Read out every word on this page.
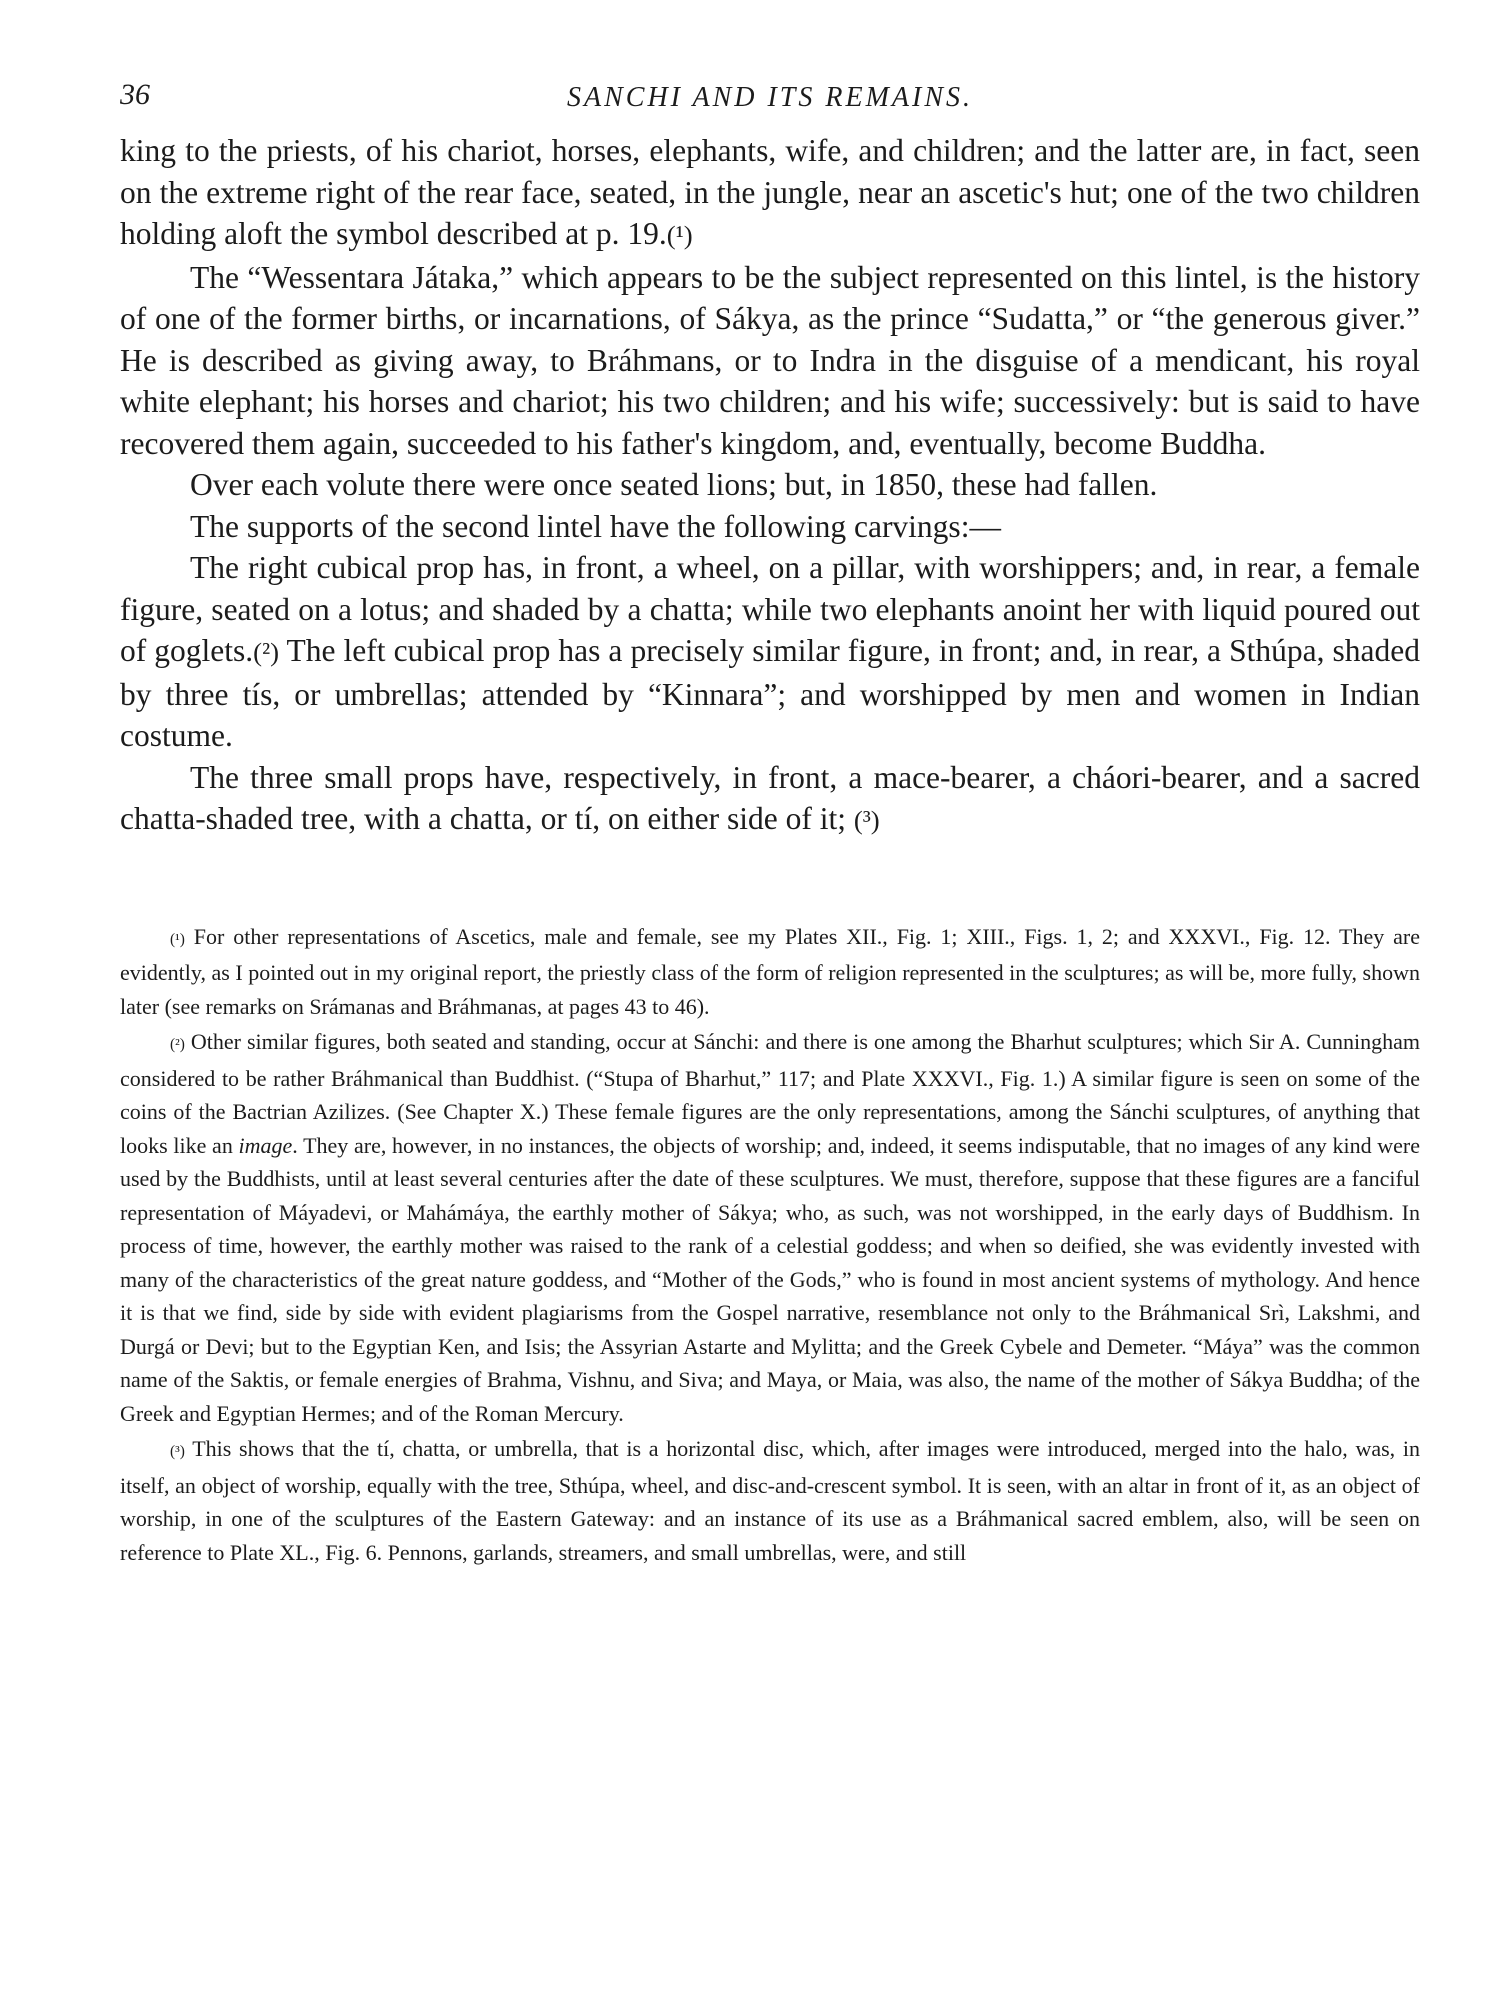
36	SANCHI AND ITS REMAINS.

king to the priests, of his chariot, horses, elephants, wife, and children; and the latter are, in fact, seen on the extreme right of the rear face, seated, in the jungle, near an ascetic's hut; one of the two children holding aloft the symbol described at p. 19.(¹)

The “Wessentara Játaka,” which appears to be the subject represented on this lintel, is the history of one of the former births, or incarnations, of Sákya, as the prince “Sudatta,” or “the generous giver.” He is described as giving away, to Bráhmans, or to Indra in the disguise of a mendicant, his royal white elephant; his horses and chariot; his two children; and his wife; successively: but is said to have recovered them again, succeeded to his father's kingdom, and, eventually, become Buddha.

Over each volute there were once seated lions; but, in 1850, these had fallen.

The supports of the second lintel have the following carvings:—

The right cubical prop has, in front, a wheel, on a pillar, with worshippers; and, in rear, a female figure, seated on a lotus; and shaded by a chatta; while two elephants anoint her with liquid poured out of goglets.(²) The left cubical prop has a precisely similar figure, in front; and, in rear, a Sthúpa, shaded by three tís, or umbrellas; attended by “Kinnara”; and worshipped by men and women in Indian costume.

The three small props have, respectively, in front, a mace-bearer, a cháori-bearer, and a sacred chatta-shaded tree, with a chatta, or tí, on either side of it; (³)

(¹) For other representations of Ascetics, male and female, see my Plates XII., Fig. 1; XIII., Figs. 1, 2; and XXXVI., Fig. 12. They are evidently, as I pointed out in my original report, the priestly class of the form of religion represented in the sculptures; as will be, more fully, shown later (see remarks on Srámanas and Bráhmanas, at pages 43 to 46).

(²) Other similar figures, both seated and standing, occur at Sánchi: and there is one among the Bharhut sculptures; which Sir A. Cunningham considered to be rather Bráhmanical than Buddhist. (“Stupa of Bharhut,” 117; and Plate XXXVI., Fig. 1.) A similar figure is seen on some of the coins of the Bactrian Azilizes. (See Chapter X.) These female figures are the only representations, among the Sánchi sculptures, of anything that looks like an image. They are, however, in no instances, the objects of worship; and, indeed, it seems indisputable, that no images of any kind were used by the Buddhists, until at least several centuries after the date of these sculptures. We must, therefore, suppose that these figures are a fanciful representation of Máyadevi, or Mahámáya, the earthly mother of Sákya; who, as such, was not worshipped, in the early days of Buddhism. In process of time, however, the earthly mother was raised to the rank of a celestial goddess; and when so deified, she was evidently invested with many of the characteristics of the great nature goddess, and “Mother of the Gods,” who is found in most ancient systems of mythology. And hence it is that we find, side by side with evident plagiarisms from the Gospel narrative, resemblance not only to the Bráhmanical Srì, Lakshmi, and Durgá or Devi; but to the Egyptian Ken, and Isis; the Assyrian Astarte and Mylitta; and the Greek Cybele and Demeter. “Máya” was the common name of the Saktis, or female energies of Brahma, Vishnu, and Siva; and Maya, or Maia, was also, the name of the mother of Sákya Buddha; of the Greek and Egyptian Hermes; and of the Roman Mercury.

(³) This shows that the tí, chatta, or umbrella, that is a horizontal disc, which, after images were introduced, merged into the halo, was, in itself, an object of worship, equally with the tree, Sthúpa, wheel, and disc-and-crescent symbol. It is seen, with an altar in front of it, as an object of worship, in one of the sculptures of the Eastern Gateway: and an instance of its use as a Bráhmanical sacred emblem, also, will be seen on reference to Plate XL., Fig. 6. Pennons, garlands, streamers, and small umbrellas, were, and still
